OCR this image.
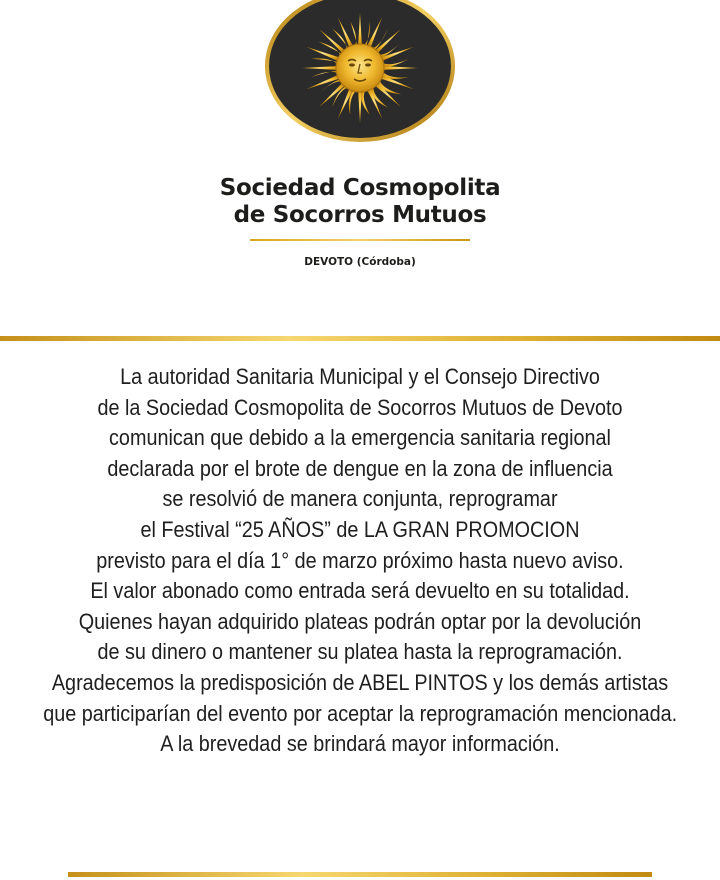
Sociedad Cosmopolita
de Socorros Mutuos
DEVOTO (Córdoba)
La autoridad Sanitaria Municipal y el Consejo Directivo
de la Sociedad Cosmopolita de Socorros Mutuos de Devoto
comunican que debido a la emergencia sanitaria regional
declarada por el brote de dengue en la zona de influencia
se resolvió de manera conjunta, reprogramar
el Festival “25 AÑOS” de LA GRAN PROMOCION
previsto para el día 1° de marzo próximo hasta nuevo aviso.
El valor abonado como entrada será devuelto en su totalidad.
Quienes hayan adquirido plateas podrán optar por la devolución
de su dinero o mantener su platea hasta la reprogramación.
Agradecemos la predisposición de ABEL PINTOS y los demás artistas
que participarían del evento por aceptar la reprogramación mencionada.
A la brevedad se brindará mayor información.
